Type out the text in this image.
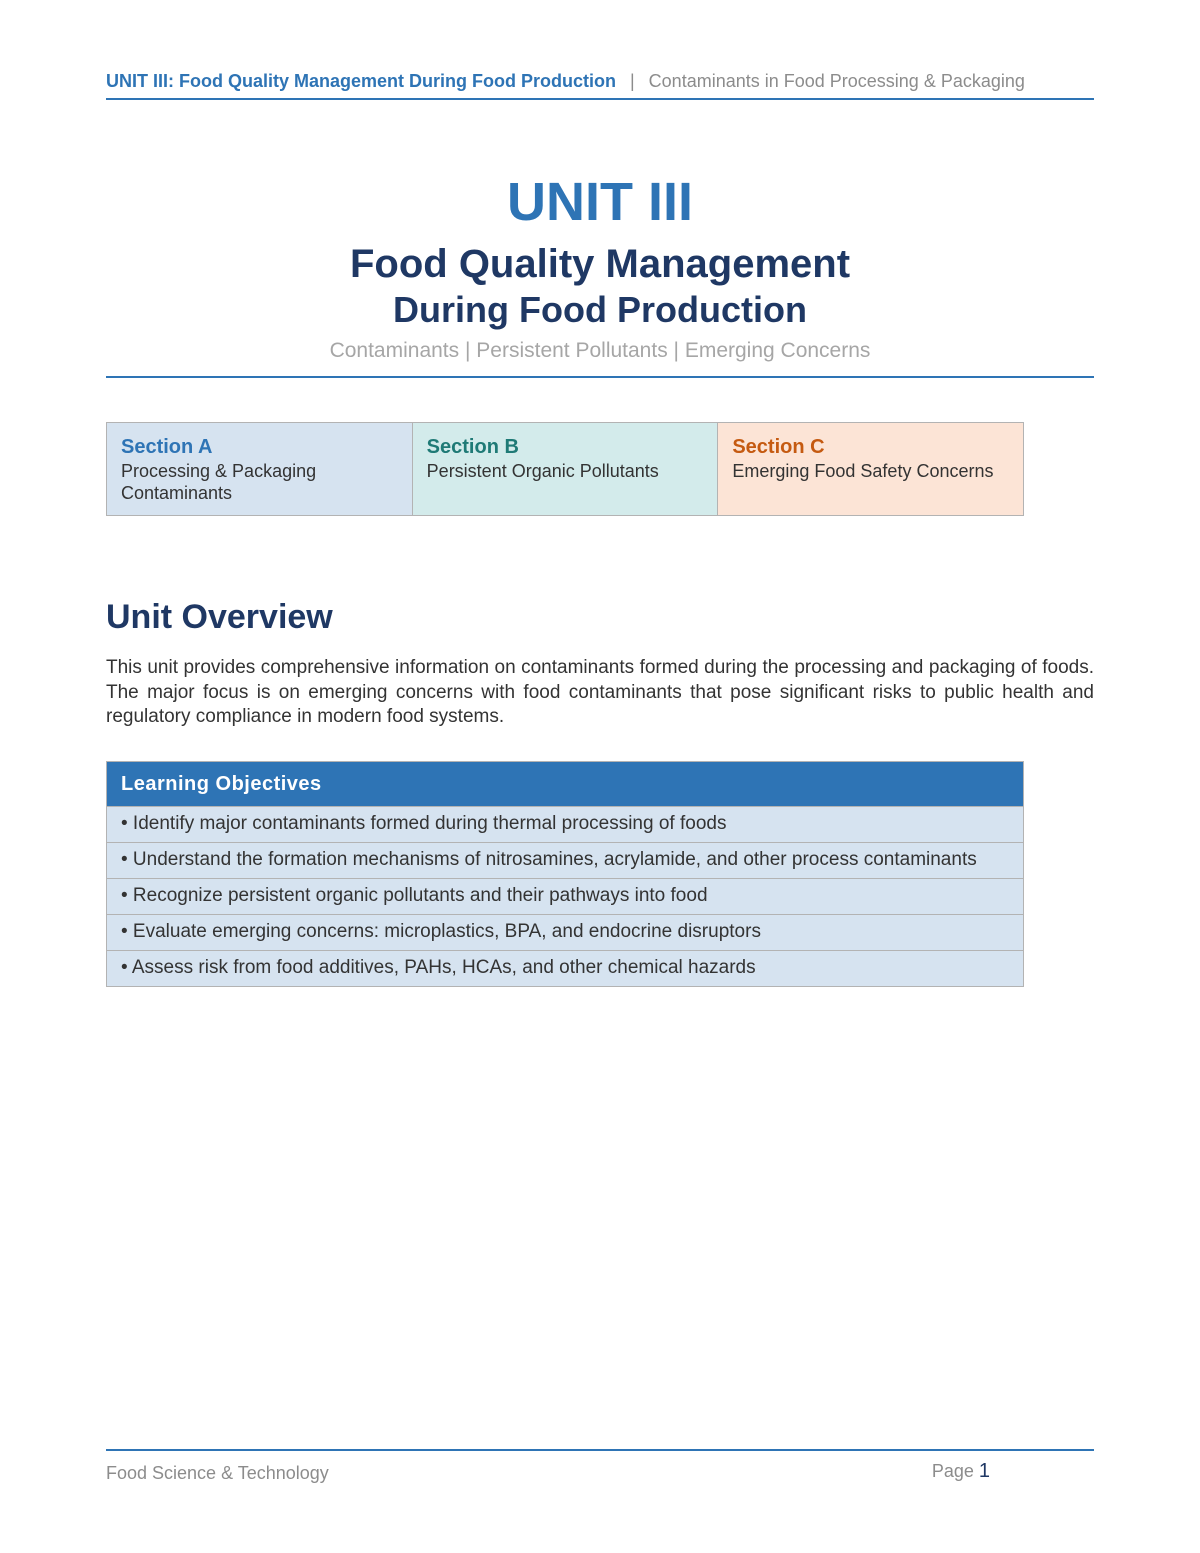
UNIT III: Food Quality Management During Food Production | Contaminants in Food Processing & Packaging
UNIT III
Food Quality Management
During Food Production
Contaminants | Persistent Pollutants | Emerging Concerns
Section A
Processing & Packaging Contaminants
Section B
Persistent Organic Pollutants
Section C
Emerging Food Safety Concerns
Unit Overview
This unit provides comprehensive information on contaminants formed during the processing and packaging of foods. The major focus is on emerging concerns with food contaminants that pose significant risks to public health and regulatory compliance in modern food systems.
Learning Objectives
• Identify major contaminants formed during thermal processing of foods
• Understand the formation mechanisms of nitrosamines, acrylamide, and other process contaminants
• Recognize persistent organic pollutants and their pathways into food
• Evaluate emerging concerns: microplastics, BPA, and endocrine disruptors
• Assess risk from food additives, PAHs, HCAs, and other chemical hazards
Food Science & Technology	Page 1
